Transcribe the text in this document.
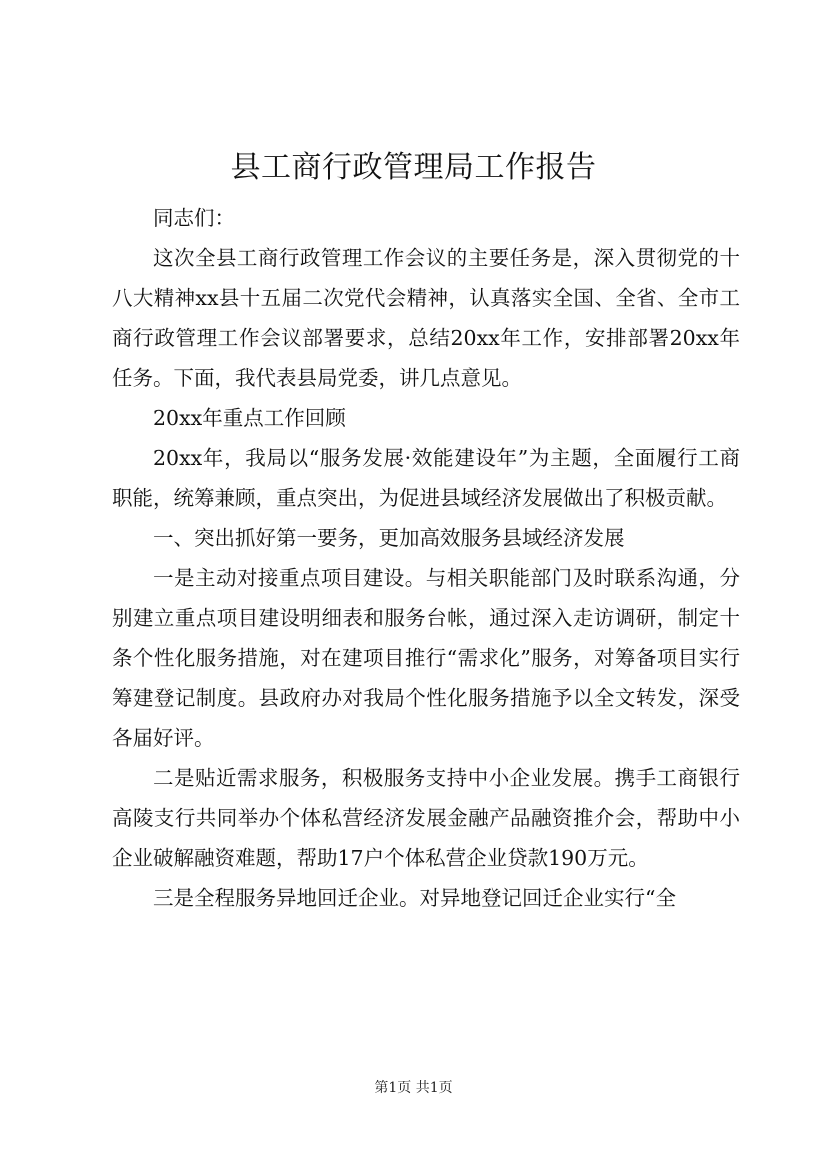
县工商行政管理局工作报告

同志们：

这次全县工商行政管理工作会议的主要任务是，深入贯彻党的十八大精神xx县十五届二次党代会精神，认真落实全国、全省、全市工商行政管理工作会议部署要求，总结20xx年工作，安排部署20xx年任务。下面，我代表县局党委，讲几点意见。

20xx年重点工作回顾

20xx年，我局以“服务发展·效能建设年”为主题，全面履行工商职能，统筹兼顾，重点突出，为促进县域经济发展做出了积极贡献。

一、突出抓好第一要务，更加高效服务县域经济发展

一是主动对接重点项目建设。与相关职能部门及时联系沟通，分别建立重点项目建设明细表和服务台帐，通过深入走访调研，制定十条个性化服务措施，对在建项目推行“需求化”服务，对筹备项目实行筹建登记制度。县政府办对我局个性化服务措施予以全文转发，深受各届好评。

二是贴近需求服务，积极服务支持中小企业发展。携手工商银行高陵支行共同举办个体私营经济发展金融产品融资推介会，帮助中小企业破解融资难题，帮助17户个体私营企业贷款190万元。

三是全程服务异地回迁企业。对异地登记回迁企业实行“全

第1页 共1页
